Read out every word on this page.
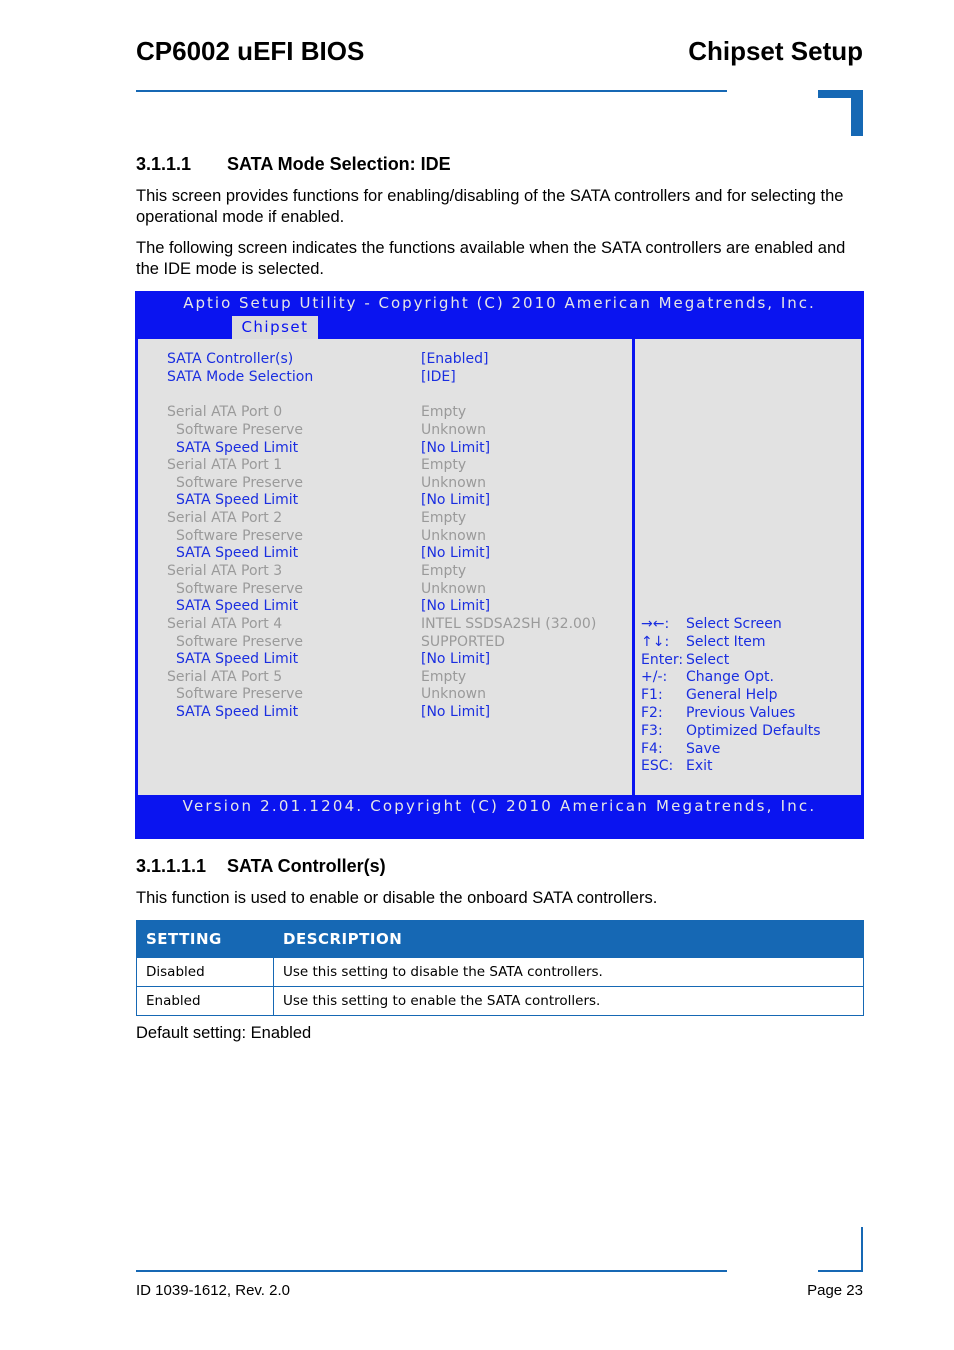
CP6002 uEFI BIOS	Chipset Setup
3.1.1.1 SATA Mode Selection: IDE
This screen provides functions for enabling/disabling of the SATA controllers and for selecting the operational mode if enabled.
The following screen indicates the functions available when the SATA controllers are enabled and the IDE mode is selected.
Aptio Setup Utility - Copyright (C) 2010 American Megatrends, Inc.
Chipset
SATA Controller(s)	[Enabled]
SATA Mode Selection	[IDE]
Serial ATA Port 0	Empty
Software Preserve	Unknown
SATA Speed Limit	[No Limit]
Serial ATA Port 1	Empty
Software Preserve	Unknown
SATA Speed Limit	[No Limit]
Serial ATA Port 2	Empty
Software Preserve	Unknown
SATA Speed Limit	[No Limit]
Serial ATA Port 3	Empty
Software Preserve	Unknown
SATA Speed Limit	[No Limit]
Serial ATA Port 4	INTEL SSDSA2SH (32.00)
Software Preserve	SUPPORTED
SATA Speed Limit	[No Limit]
Serial ATA Port 5	Empty
Software Preserve	Unknown
SATA Speed Limit	[No Limit]
→←: Select Screen
↑↓: Select Item
Enter: Select
+/-: Change Opt.
F1: General Help
F2: Previous Values
F3: Optimized Defaults
F4: Save
ESC: Exit
Version 2.01.1204. Copyright (C) 2010 American Megatrends, Inc.
3.1.1.1.1 SATA Controller(s)
This function is used to enable or disable the onboard SATA controllers.
SETTING	DESCRIPTION
Disabled	Use this setting to disable the SATA controllers.
Enabled	Use this setting to enable the SATA controllers.
Default setting: Enabled
ID 1039-1612, Rev. 2.0	Page 23
